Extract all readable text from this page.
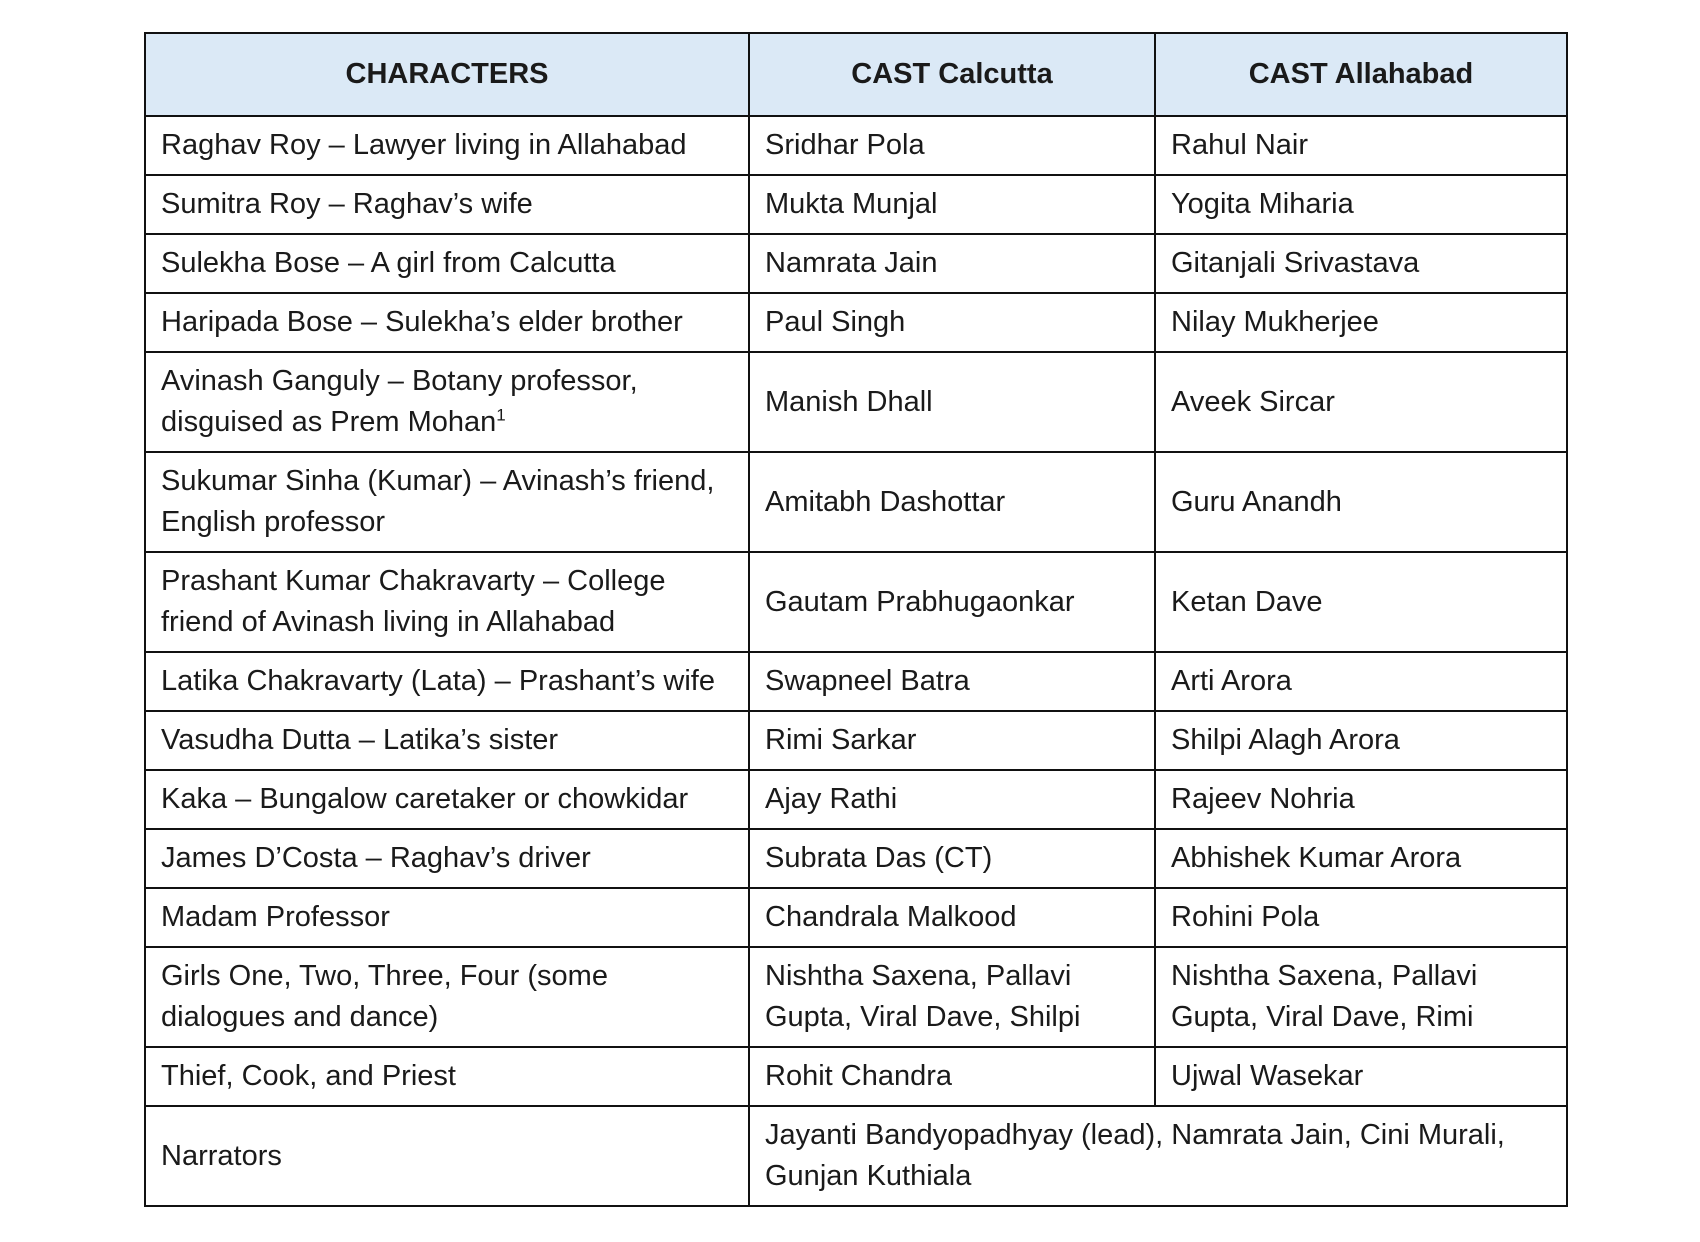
CHARACTERS	CAST Calcutta	CAST Allahabad
Raghav Roy – Lawyer living in Allahabad	Sridhar Pola	Rahul Nair
Sumitra Roy – Raghav’s wife	Mukta Munjal	Yogita Miharia
Sulekha Bose – A girl from Calcutta	Namrata Jain	Gitanjali Srivastava
Haripada Bose – Sulekha’s elder brother	Paul Singh	Nilay Mukherjee
Avinash Ganguly – Botany professor, disguised as Prem Mohan$^1$	Manish Dhall	Aveek Sircar
Sukumar Sinha (Kumar) – Avinash’s friend, English professor	Amitabh Dashottar	Guru Anandh
Prashant Kumar Chakravarty – College friend of Avinash living in Allahabad	Gautam Prabhugaonkar	Ketan Dave
Latika Chakravarty (Lata) – Prashant’s wife	Swapneel Batra	Arti Arora
Vasudha Dutta – Latika’s sister	Rimi Sarkar	Shilpi Alagh Arora
Kaka – Bungalow caretaker or chowkidar	Ajay Rathi	Rajeev Nohria
James D’Costa – Raghav’s driver	Subrata Das (CT)	Abhishek Kumar Arora
Madam Professor	Chandrala Malkood	Rohini Pola
Girls One, Two, Three, Four (some dialogues and dance)	Nishtha Saxena, Pallavi Gupta, Viral Dave, Shilpi	Nishtha Saxena, Pallavi Gupta, Viral Dave, Rimi
Thief, Cook, and Priest	Rohit Chandra	Ujwal Wasekar
Narrators	Jayanti Bandyopadhyay (lead), Namrata Jain, Cini Murali, Gunjan Kuthiala	
